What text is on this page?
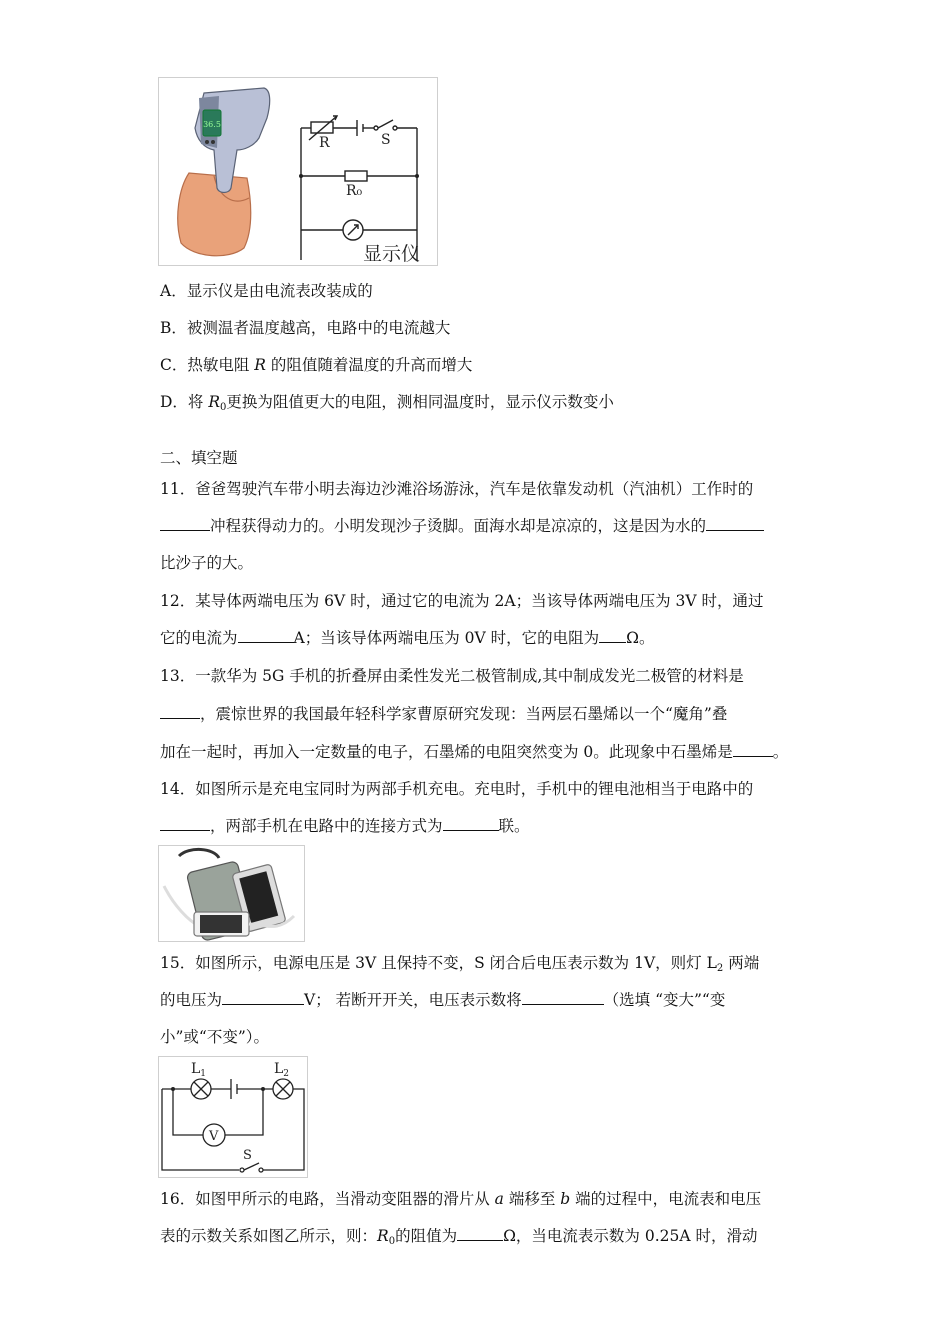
36.5
R	S
R₀
显示仪
A．显示仪是由电流表改装成的
B．被测温者温度越高，电路中的电流越大
C．热敏电阻 R 的阻值随着温度的升高而增大
D．将 $R_0$更换为阻值更大的电阻，测相同温度时，显示仪示数变小
二、填空题
11．爸爸驾驶汽车带小明去海边沙滩浴场游泳，汽车是依靠发动机（汽油机）工作时的
冲程获得动力的。小明发现沙子烫脚。面海水却是凉凉的，这是因为水的
比沙子的大。
12．某导体两端电压为 6V 时，通过它的电流为 2A；当该导体两端电压为 3V 时，通过
它的电流为	A；当该导体两端电压为 0V 时，它的电阻为 Ω。
13．一款华为 5G 手机的折叠屏由柔性发光二极管制成,其中制成发光二极管的材料是
，震惊世界的我国最年轻科学家曹原研究发现：当两层石墨烯以一个“魔角”叠
加在一起时，再加入一定数量的电子，石墨烯的电阻突然变为 0。此现象中石墨烯是	。
14．如图所示是充电宝同时为两部手机充电。充电时，手机中的锂电池相当于电路中的
，两部手机在电路中的连接方式为	联。
15．如图所示，电源电压是 3V 且保持不变，S 闭合后电压表示数为 1V，则灯 $L_2$ 两端
的电压为	V； 若断开开关，电压表示数将	（选填 “变大”“变
小”或“不变”）。
$L_1$	$L_2$
V
S
16．如图甲所示的电路，当滑动变阻器的滑片从 a 端移至 b 端的过程中，电流表和电压
表的示数关系如图乙所示，则：$R_0$的阻值为	Ω，当电流表示数为 0.25A 时，滑动
